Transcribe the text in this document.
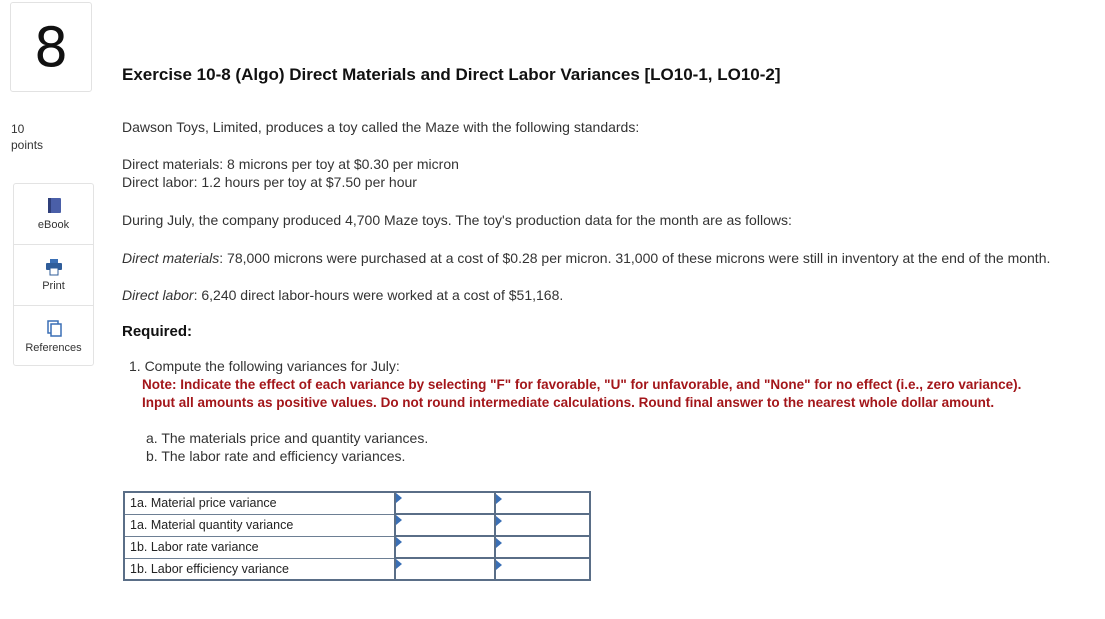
8
10
points
eBook
Print
References
Exercise 10-8 (Algo) Direct Materials and Direct Labor Variances [LO10-1, LO10-2]
Dawson Toys, Limited, produces a toy called the Maze with the following standards:
Direct materials: 8 microns per toy at $0.30 per micron
Direct labor: 1.2 hours per toy at $7.50 per hour
During July, the company produced 4,700 Maze toys. The toy's production data for the month are as follows:
Direct materials: 78,000 microns were purchased at a cost of $0.28 per micron. 31,000 of these microns were still in inventory at the end of the month.
Direct labor: 6,240 direct labor-hours were worked at a cost of $51,168.
Required:
1. Compute the following variances for July:
Note: Indicate the effect of each variance by selecting "F" for favorable, "U" for unfavorable, and "None" for no effect (i.e., zero variance). Input all amounts as positive values. Do not round intermediate calculations. Round final answer to the nearest whole dollar amount.
a. The materials price and quantity variances.
b. The labor rate and efficiency variances.
1a. Material price variance	

1a. Material quantity variance	

1b. Labor rate variance	

1b. Labor efficiency variance	
